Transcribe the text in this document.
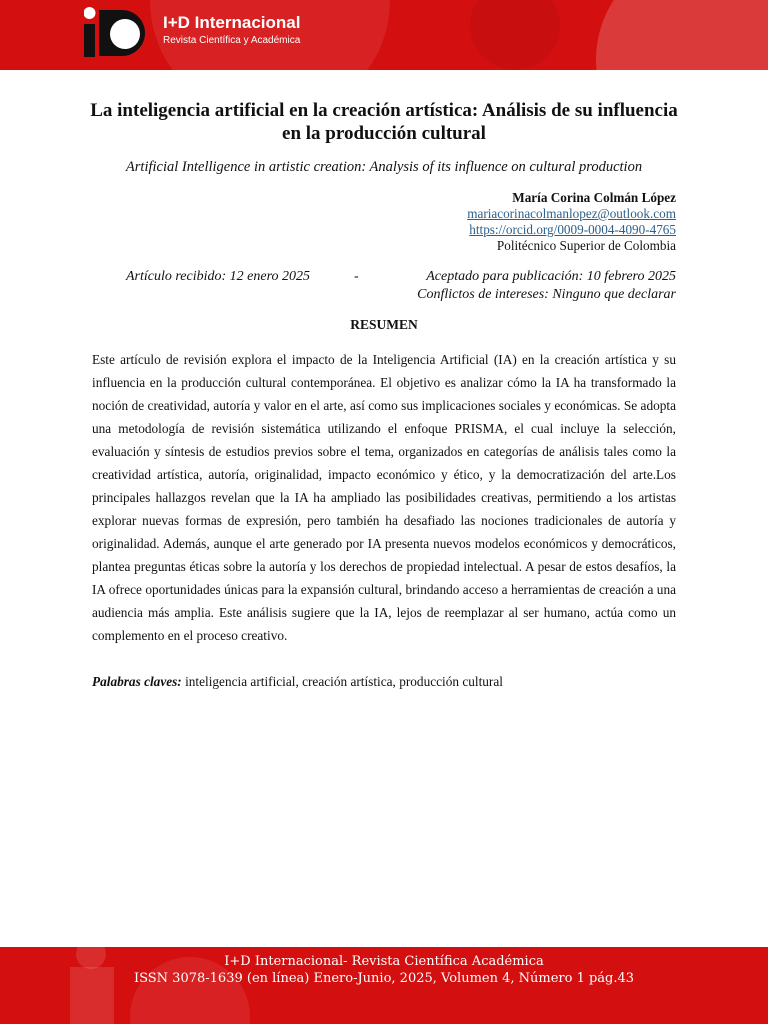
I+D Internacional
Revista Científica y Académica
La inteligencia artificial en la creación artística: Análisis de su influencia en la producción cultural
Artificial Intelligence in artistic creation: Analysis of its influence on cultural production
María Corina Colmán López
mariacorinacolmanlopez@outlook.com
https://orcid.org/0009-0004-4090-4765
Politécnico Superior de Colombia
Artículo recibido: 12 enero 2025	-	Aceptado para publicación: 10 febrero 2025
Conflictos de intereses: Ninguno que declarar
RESUMEN

Este artículo de revisión explora el impacto de la Inteligencia Artificial (IA) en la creación artística y su influencia en la producción cultural contemporánea. El objetivo es analizar cómo la IA ha transformado la noción de creatividad, autoría y valor en el arte, así como sus implicaciones sociales y económicas. Se adopta una metodología de revisión sistemática utilizando el enfoque PRISMA, el cual incluye la selección, evaluación y síntesis de estudios previos sobre el tema, organizados en categorías de análisis tales como la creatividad artística, autoría, originalidad, impacto económico y ético, y la democratización del arte.Los principales hallazgos revelan que la IA ha ampliado las posibilidades creativas, permitiendo a los artistas explorar nuevas formas de expresión, pero también ha desafiado las nociones tradicionales de autoría y originalidad. Además, aunque el arte generado por IA presenta nuevos modelos económicos y democráticos, plantea preguntas éticas sobre la autoría y los derechos de propiedad intelectual. A pesar de estos desafíos, la IA ofrece oportunidades únicas para la expansión cultural, brindando acceso a herramientas de creación a una audiencia más amplia. Este análisis sugiere que la IA, lejos de reemplazar al ser humano, actúa como un complemento en el proceso creativo.

Palabras claves: inteligencia artificial, creación artística, producción cultural

I+D Internacional- Revista Científica Académica
ISSN 3078-1639 (en línea) Enero-Junio, 2025, Volumen 4, Número 1 pág.43
